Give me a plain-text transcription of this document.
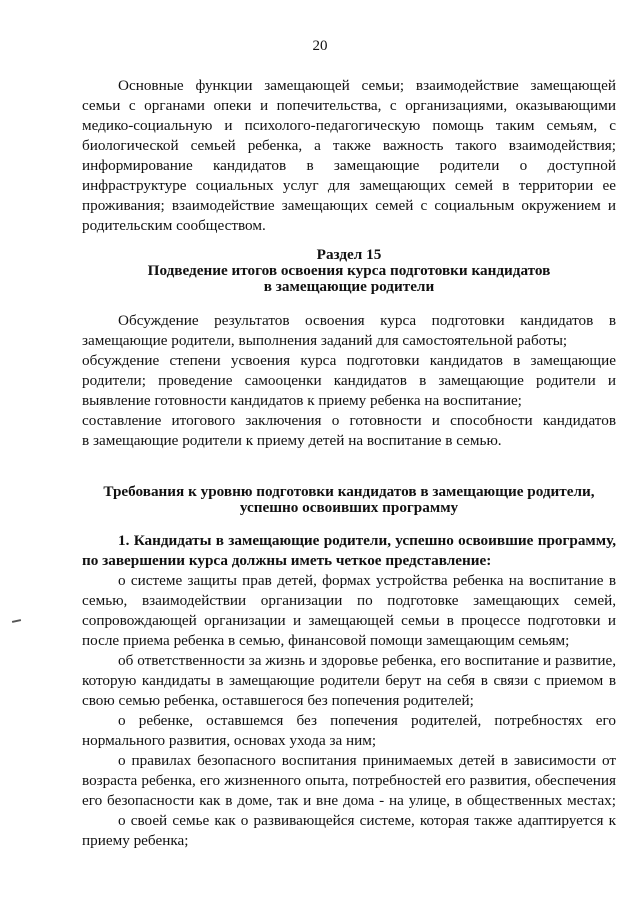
20
Основные функции замещающей семьи; взаимодействие замещающей
семьи с органами опеки и попечительства, с организациями, оказывающими
медико-социальную и психолого-педагогическую помощь таким семьям, с
биологической семьей ребенка, а также важность такого взаимодействия;
информирование кандидатов в замещающие родители о доступной
инфраструктуре социальных услуг для замещающих семей в территории ее
проживания; взаимодействие замещающих семей с социальным окружением и
родительским сообществом.
Раздел 15
Подведение итогов освоения курса подготовки кандидатов
в замещающие родители
Обсуждение результатов освоения курса подготовки кандидатов в
замещающие родители, выполнения заданий для самостоятельной работы;
обсуждение степени усвоения курса подготовки кандидатов в замещающие
родители; проведение самооценки кандидатов в замещающие родители и
выявление готовности кандидатов к приему ребенка на воспитание;
составление итогового заключения о готовности и способности кандидатов
в замещающие родители к приему детей на воспитание в семью.
Требования к уровню подготовки кандидатов в замещающие родители,
успешно освоивших программу
1. Кандидаты в замещающие родители, успешно освоившие программу,
по завершении курса должны иметь четкое представление:
о системе защиты прав детей, формах устройства ребенка на воспитание в
семью, взаимодействии организации по подготовке замещающих семей,
сопровождающей организации и замещающей семьи в процессе подготовки и
после приема ребенка в семью, финансовой помощи замещающим семьям;
об ответственности за жизнь и здоровье ребенка, его воспитание и развитие,
которую кандидаты в замещающие родители берут на себя в связи с приемом в
свою семью ребенка, оставшегося без попечения родителей;
о ребенке, оставшемся без попечения родителей, потребностях его
нормального развития, основах ухода за ним;
о правилах безопасного воспитания принимаемых детей в зависимости от
возраста ребенка, его жизненного опыта, потребностей его развития, обеспечения
его безопасности как в доме, так и вне дома - на улице, в общественных местах;
о своей семье как о развивающейся системе, которая также адаптируется к
приему ребенка;
